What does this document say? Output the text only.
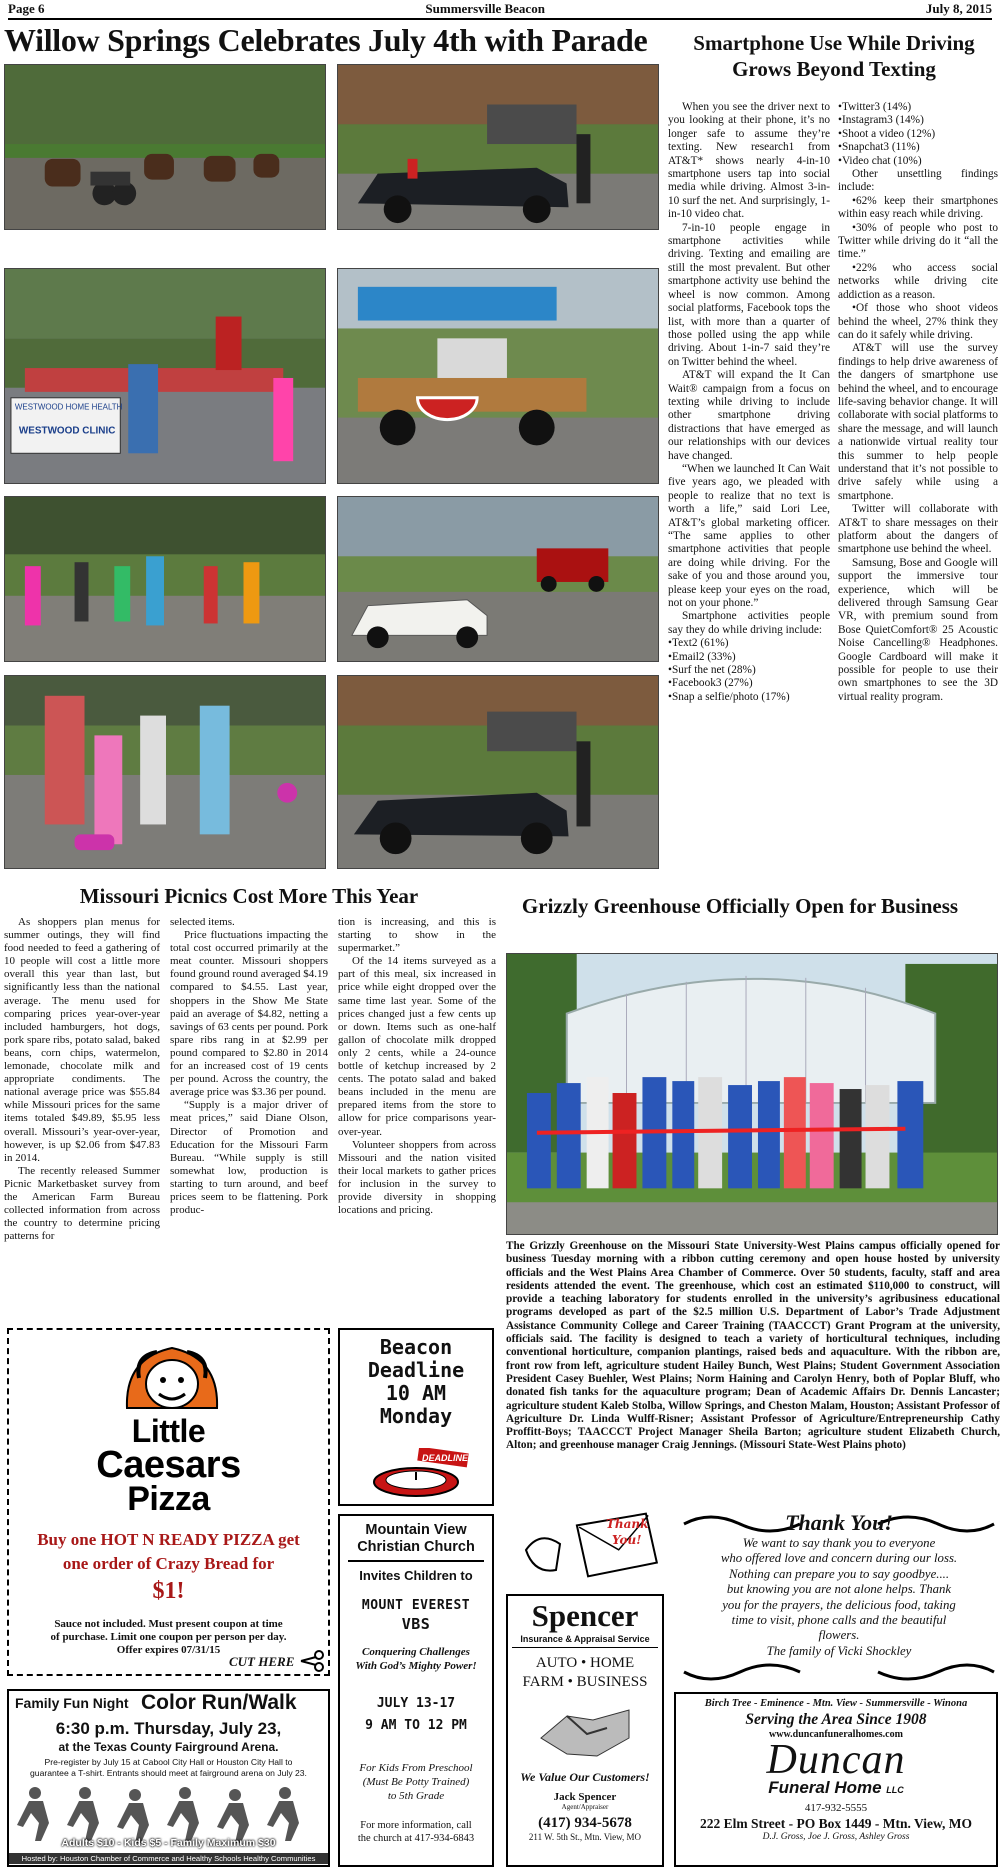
Page 6	Summersville Beacon	July 8, 2015
Willow Springs Celebrates July 4th with Parade
WESTWOOD HOME HEALTH
WESTWOOD CLINIC
Smartphone Use While Driving Grows Beyond Texting

When you see the driver next to you looking at their phone, it’s no longer safe to assume they’re texting. New research1 from AT&T* shows nearly 4-in-10 smartphone users tap into social media while driving. Almost 3-in-10 surf the net. And surprisingly, 1-in-10 video chat.

7-in-10 people engage in smartphone activities while driving. Texting and emailing are still the most prevalent. But other smartphone activity use behind the wheel is now common. Among social platforms, Facebook tops the list, with more than a quarter of those polled using the app while driving. About 1-in-7 said they’re on Twitter behind the wheel.

AT&T will expand the It Can Wait® campaign from a focus on texting while driving to include other smartphone driving distractions that have emerged as our relationships with our devices have changed.

“When we launched It Can Wait five years ago, we pleaded with people to realize that no text is worth a life,” said Lori Lee, AT&T’s global marketing officer. “The same applies to other smartphone activities that people are doing while driving. For the sake of you and those around you, please keep your eyes on the road, not on your phone.”

Smartphone activities people say they do while driving include:

•Text2 (61%)
•Email2 (33%)
•Surf the net (28%)
•Facebook3 (27%)
•Snap a selfie/photo (17%)
•Twitter3 (14%)
•Instagram3 (14%)
•Shoot a video (12%)
•Snapchat3 (11%)
•Video chat (10%)

Other unsettling findings include:

•62% keep their smartphones within easy reach while driving.

•30% of people who post to Twitter while driving do it “all the time.”

•22% who access social networks while driving cite addiction as a reason.

•Of those who shoot videos behind the wheel, 27% think they can do it safely while driving.

AT&T will use the survey findings to help drive awareness of the dangers of smartphone use behind the wheel, and to encourage life-saving behavior change. It will collaborate with social platforms to share the message, and will launch a nationwide virtual reality tour this summer to help people understand that it’s not possible to drive safely while using a smartphone.

Twitter will collaborate with AT&T to share messages on their platform about the dangers of smartphone use behind the wheel.

Samsung, Bose and Google will support the immersive tour experience, which will be delivered through Samsung Gear VR, with premium sound from Bose QuietComfort® 25 Acoustic Noise Cancelling® Headphones. Google Cardboard will make it possible for people to use their own smartphones to see the 3D virtual reality program.

Missouri Picnics Cost More This Year

As shoppers plan menus for summer outings, they will find food needed to feed a gathering of 10 people will cost a little more overall this year than last, but significantly less than the national average. The menu used for comparing prices year-over-year included hamburgers, hot dogs, pork spare ribs, potato salad, baked beans, corn chips, watermelon, lemonade, chocolate milk and appropriate condiments. The national average price was $55.84 while Missouri prices for the same items totaled $49.89, $5.95 less overall. Missouri’s year-over-year, however, is up $2.06 from $47.83 in 2014.

The recently released Summer Picnic Marketbasket survey from the American Farm Bureau collected information from across the country to determine pricing patterns for

selected items.

Price fluctuations impacting the total cost occurred primarily at the meat counter. Missouri shoppers found ground round averaged $4.19 compared to $4.55. Last year, shoppers in the Show Me State paid an average of $4.82, netting a savings of 63 cents per pound. Pork spare ribs rang in at $2.99 per pound compared to $2.80 in 2014 for an increased cost of 19 cents per pound. Across the country, the average price was $3.36 per pound.

“Supply is a major driver of meat prices,” said Diane Olson, Director of Promotion and Education for the Missouri Farm Bureau. “While supply is still somewhat low, production is starting to turn around, and beef prices seem to be flattening. Pork produc-

tion is increasing, and this is starting to show in the supermarket.”

Of the 14 items surveyed as a part of this meal, six increased in price while eight dropped over the same time last year. Some of the prices changed just a few cents up or down. Items such as one-half gallon of chocolate milk dropped only 2 cents, while a 24-ounce bottle of ketchup increased by 2 cents. The potato salad and baked beans included in the menu are prepared items from the store to allow for price comparisons year-over-year.

Volunteer shoppers from across Missouri and the nation visited their local markets to gather prices for inclusion in the survey to provide diversity in shopping locations and pricing.

Grizzly Greenhouse Officially Open for Business
The Grizzly Greenhouse on the Missouri State University-West Plains campus officially opened for business Tuesday morning with a ribbon cutting ceremony and open house hosted by university officials and the West Plains Area Chamber of Commerce. Over 50 students, faculty, staff and area residents attended the event. The greenhouse, which cost an estimated $110,000 to construct, will provide a teaching laboratory for students enrolled in the university’s agribusiness educational programs developed as part of the $2.5 million U.S. Department of Labor’s Trade Adjustment Assistance Community College and Career Training (TAACCCT) Grant Program at the university, officials said. The facility is designed to teach a variety of horticultural techniques, including conventional horticulture, companion plantings, raised beds and aquaculture. With the ribbon are, front row from left, agriculture student Hailey Bunch, West Plains; Student Government Association President Casey Buehler, West Plains; Norm Haining and Carolyn Henry, both of Poplar Bluff, who donated fish tanks for the aquaculture program; Dean of Academic Affairs Dr. Dennis Lancaster; agriculture student Kaleb Stolba, Willow Springs, and Cheston Malam, Houston; Assistant Professor of Agriculture Dr. Linda Wulff-Risner; Assistant Professor of Agriculture/Entrepreneurship Cathy Proffitt-Boys; TAACCCT Project Manager Sheila Barton; agriculture student Elizabeth Church, Alton; and greenhouse manager Craig Jennings. (Missouri State-West Plains photo)
Little
Caesars
Pizza
Buy one HOT N READY PIZZA get
one order of Crazy Bread for
$1!
Sauce not included. Must present coupon at time
of purchase. Limit one coupon per person per day.
Offer expires 07/31/15
CUT HERE
Beacon
Deadline
10 AM
Monday
DEADLINE
Family Fun Night Color Run/Walk
6:30 p.m. Thursday, July 23,
at the Texas County Fairground Arena.
Pre-register by July 15 at Cabool City Hall or Houston City Hall to
guarantee a T-shirt. Entrants should meet at fairground arena on July 23.
Adults $10 - Kids $5 - Family Maximum $30
Hosted by: Houston Chamber of Commerce and Healthy Schools Healthy Communities
Mountain View
Christian Church
Invites Children to
MOUNT EVEREST
VBS
Conquering Challenges
With God’s Mighty Power!
JULY 13-17
9 AM TO 12 PM
For Kids From Preschool
(Must Be Potty Trained)
to 5th Grade
For more information, call
the church at 417-934-6843
Thank
You!
Spencer
Insurance & Appraisal Service
AUTO • HOME
FARM • BUSINESS
We Value Our Customers!
Jack Spencer
Agent/Appraiser
(417) 934-5678
211 W. 5th St., Mtn. View, MO
Thank You!
We want to say thank you to everyone
who offered love and concern during our loss.
Nothing can prepare you to say goodbye....
but knowing you are not alone helps. Thank
you for the prayers, the delicious food, taking
time to visit, phone calls and the beautiful
flowers.
The family of Vicki Shockley
Birch Tree - Eminence - Mtn. View - Summersville - Winona
Serving the Area Since 1908
www.duncanfuneralhomes.com
Duncan
Funeral Home LLC
417-932-5555
222 Elm Street - PO Box 1449 - Mtn. View, MO
D.J. Gross, Joe J. Gross, Ashley Gross
